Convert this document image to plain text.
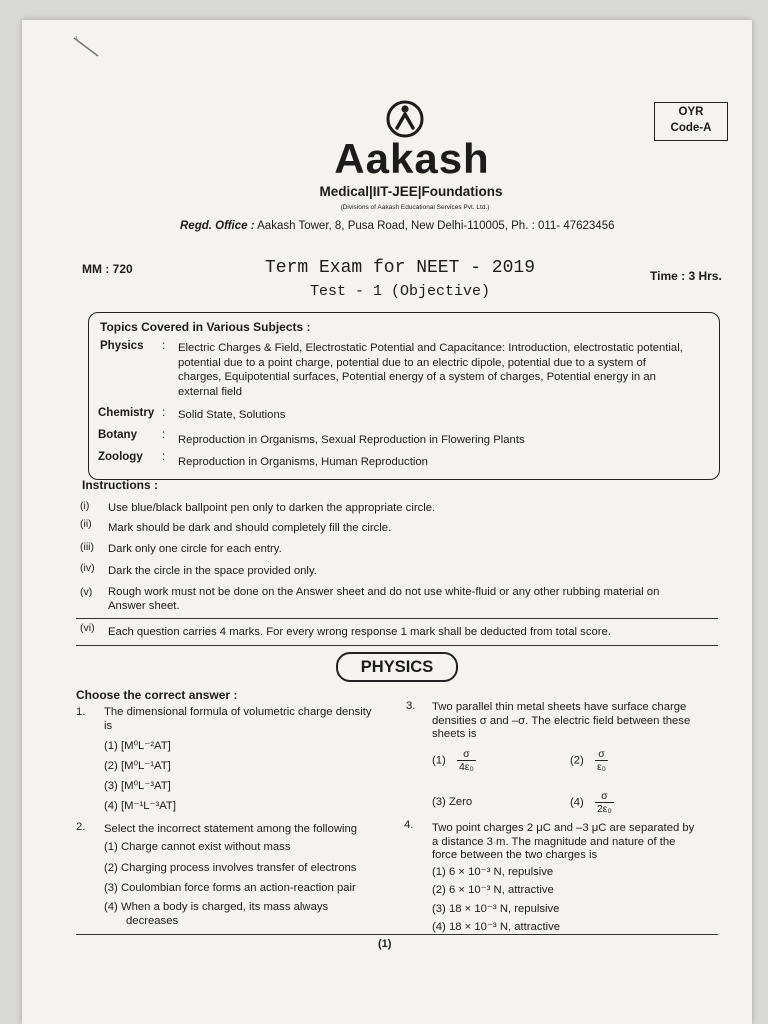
OYR
Code-A
Aakash
Medical|IIT-JEE|Foundations
(Divisions of Aakash Educational Services Pvt. Ltd.)
Regd. Office : Aakash Tower, 8, Pusa Road, New Delhi-110005, Ph. : 011- 47623456
MM : 720	Term Exam for NEET - 2019
Test - 1 (Objective)
Time : 3 Hrs.
Topics Covered in Various Subjects :
Physics : Electric Charges & Field, Electrostatic Potential and Capacitance: Introduction, electrostatic potential,
potential due to a point charge, potential due to an electric dipole, potential due to a system of
charges, Equipotential surfaces, Potential energy of a system of charges, Potential energy in an
external field
Chemistry : Solid State, Solutions
Botany : Reproduction in Organisms, Sexual Reproduction in Flowering Plants
Zoology : Reproduction in Organisms, Human Reproduction
Instructions :
(i) Use blue/black ballpoint pen only to darken the appropriate circle.
(ii) Mark should be dark and should completely fill the circle.
(iii) Dark only one circle for each entry.
(iv) Dark the circle in the space provided only.
(v) Rough work must not be done on the Answer sheet and do not use white-fluid or any other rubbing material on
Answer sheet.
(vi) Each question carries 4 marks. For every wrong response 1 mark shall be deducted from total score.
PHYSICS
Choose the correct answer :
1. The dimensional formula of volumetric charge density
is
(1) [M⁰L⁻²AT]
(2) [M⁰L⁻¹AT]
(3) [M⁰L⁻³AT]
(4) [M⁻¹L⁻³AT]
2. Select the incorrect statement among the following
(1) Charge cannot exist without mass
(2) Charging process involves transfer of electrons
(3) Coulombian force forms an action-reaction pair
(4) When a body is charged, its mass always
decreases
3. Two parallel thin metal sheets have surface charge
densities σ and –σ. The electric field between these
sheets is
$(1) \frac{\sigma}{\text{4ε₀}}$	$(2) \frac{\sigma}{\text{ε₀}}$
(3) Zero	$(4) \frac{\sigma}{\text{2ε₀}}$
4. Two point charges 2 μC and –3 μC are separated by
a distance 3 m. The magnitude and nature of the
force between the two charges is
(1) 6 × 10⁻³ N, repulsive
(2) 6 × 10⁻³ N, attractive
(3) 18 × 10⁻³ N, repulsive
(4) 18 × 10⁻³ N, attractive
(1)
